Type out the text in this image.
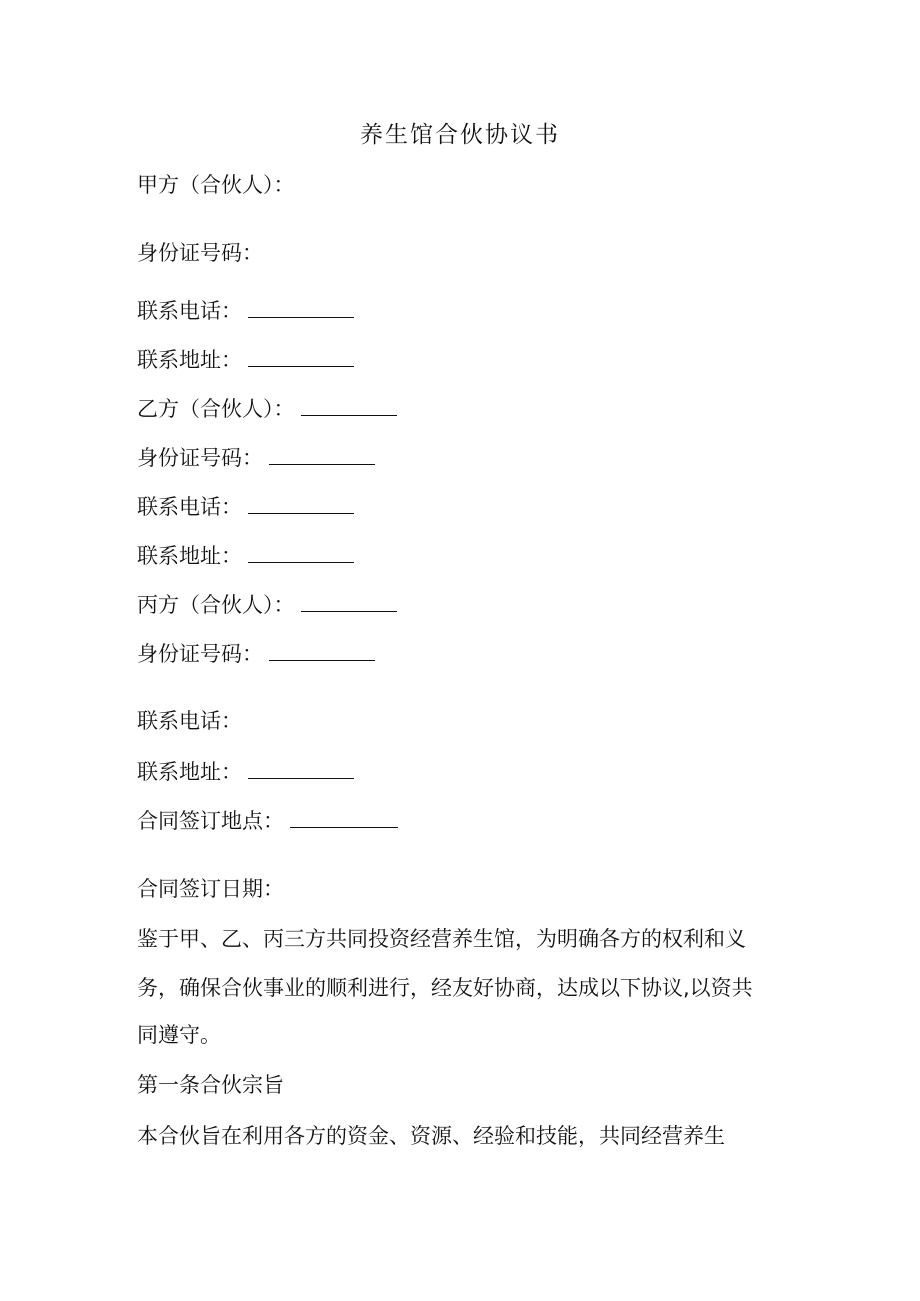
养生馆合伙协议书
甲方（合伙人）：
身份证号码：
联系电话：
联系地址：
乙方（合伙人）：
身份证号码：
联系电话：
联系地址：
丙方（合伙人）：
身份证号码：
联系电话：
联系地址：
合同签订地点：
合同签订日期：
鉴于甲、乙、丙三方共同投资经营养生馆，为明确各方的权利和义
务，确保合伙事业的顺利进行，经友好协商，达成以下协议,以资共
同遵守。
第一条合伙宗旨
本合伙旨在利用各方的资金、资源、经验和技能，共同经营养生
